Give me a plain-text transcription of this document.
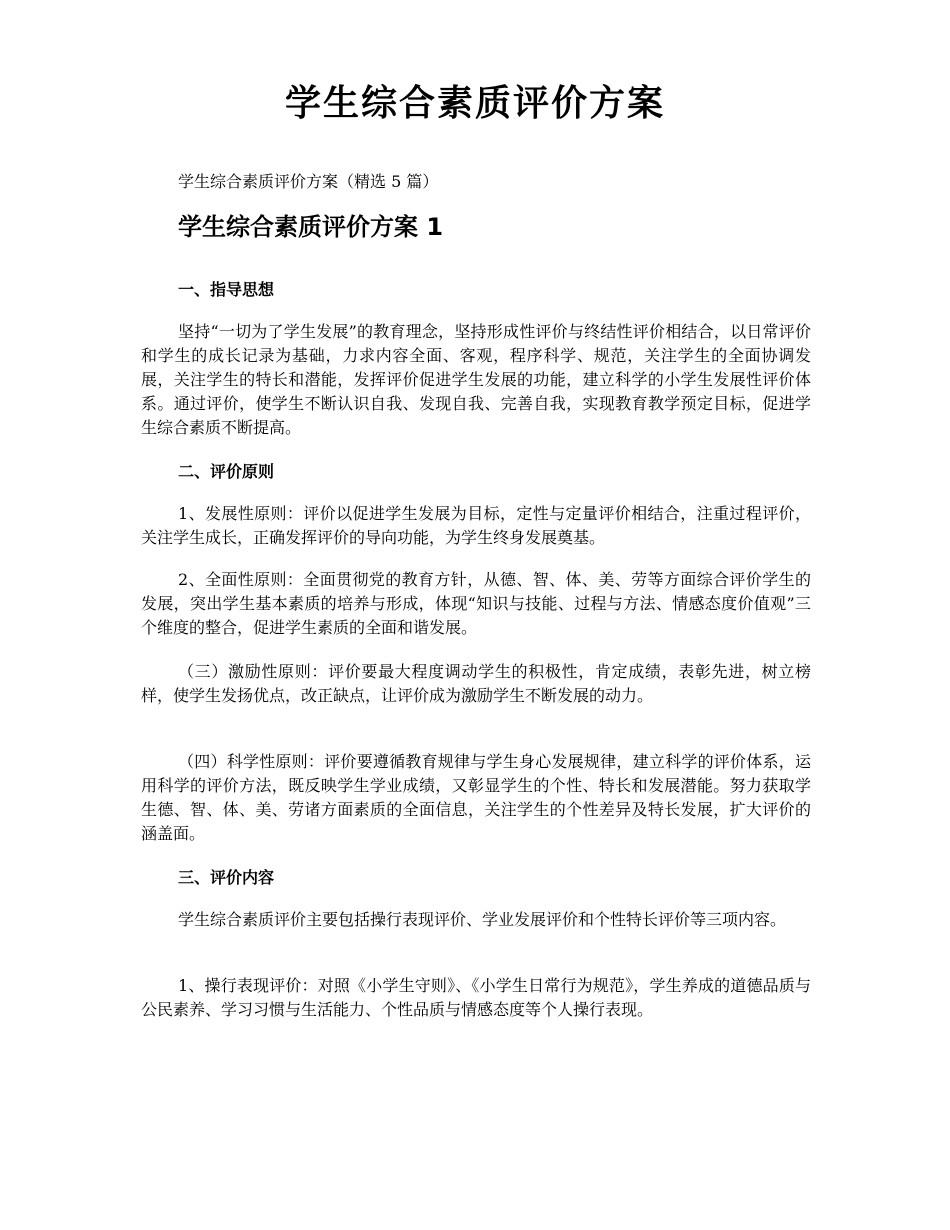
学生综合素质评价方案

学生综合素质评价方案（精选 5 篇）

学生综合素质评价方案 1
一、指导思想

坚持“一切为了学生发展”的教育理念，坚持形成性评价与终结性评价相结合，以日常评价和学生的成长记录为基础，力求内容全面、客观，程序科学、规范，关注学生的全面协调发展，关注学生的特长和潜能，发挥评价促进学生发展的功能，建立科学的小学生发展性评价体系。通过评价，使学生不断认识自我、发现自我、完善自我，实现教育教学预定目标，促进学生综合素质不断提高。

二、评价原则

1、发展性原则：评价以促进学生发展为目标，定性与定量评价相结合，注重过程评价，关注学生成长，正确发挥评价的导向功能，为学生终身发展奠基。

2、全面性原则：全面贯彻党的教育方针，从德、智、体、美、劳等方面综合评价学生的发展，突出学生基本素质的培养与形成，体现“知识与技能、过程与方法、情感态度价值观”三个维度的整合，促进学生素质的全面和谐发展。

（三）激励性原则：评价要最大程度调动学生的积极性，肯定成绩，表彰先进，树立榜样，使学生发扬优点，改正缺点，让评价成为激励学生不断发展的动力。

（四）科学性原则：评价要遵循教育规律与学生身心发展规律，建立科学的评价体系，运用科学的评价方法，既反映学生学业成绩，又彰显学生的个性、特长和发展潜能。努力获取学生德、智、体、美、劳诸方面素质的全面信息，关注学生的个性差异及特长发展，扩大评价的涵盖面。

三、评价内容

学生综合素质评价主要包括操行表现评价、学业发展评价和个性特长评价等三项内容。

1、操行表现评价：对照《小学生守则》、《小学生日常行为规范》，学生养成的道德品质与公民素养、学习习惯与生活能力、个性品质与情感态度等个人操行表现。
